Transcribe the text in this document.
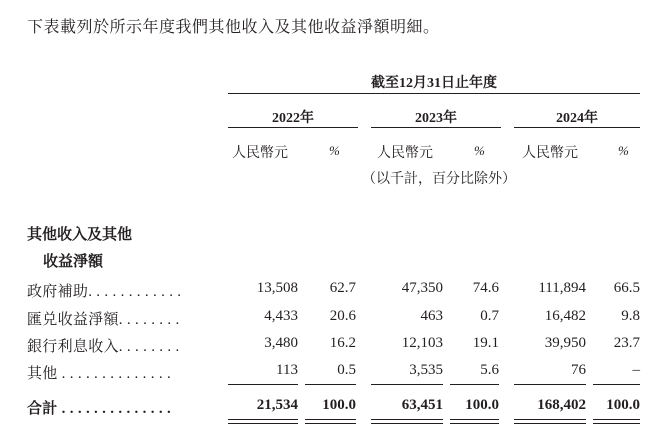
下表載列於所示年度我們其他收入及其他收益淨額明細。
截至12月31日止年度
2022年	2023年	2024年
人民幣元	%	人民幣元	%	人民幣元	%
（以千計，百分比除外）
其他收入及其他
收益淨額
政府補助. . . . . . . . . . . .	13,508	62.7	47,350	74.6	111,894	66.5
匯兑收益淨額. . . . . . . .	4,433	20.6	463	0.7	16,482	9.8
銀行利息收入. . . . . . . .	3,480	16.2	12,103	19.1	39,950	23.7
其他 . . . . . . . . . . . . . .	113	0.5	3,535	5.6	76	–
合計 . . . . . . . . . . . . . .	21,534	100.0	63,451	100.0	168,402	100.0
